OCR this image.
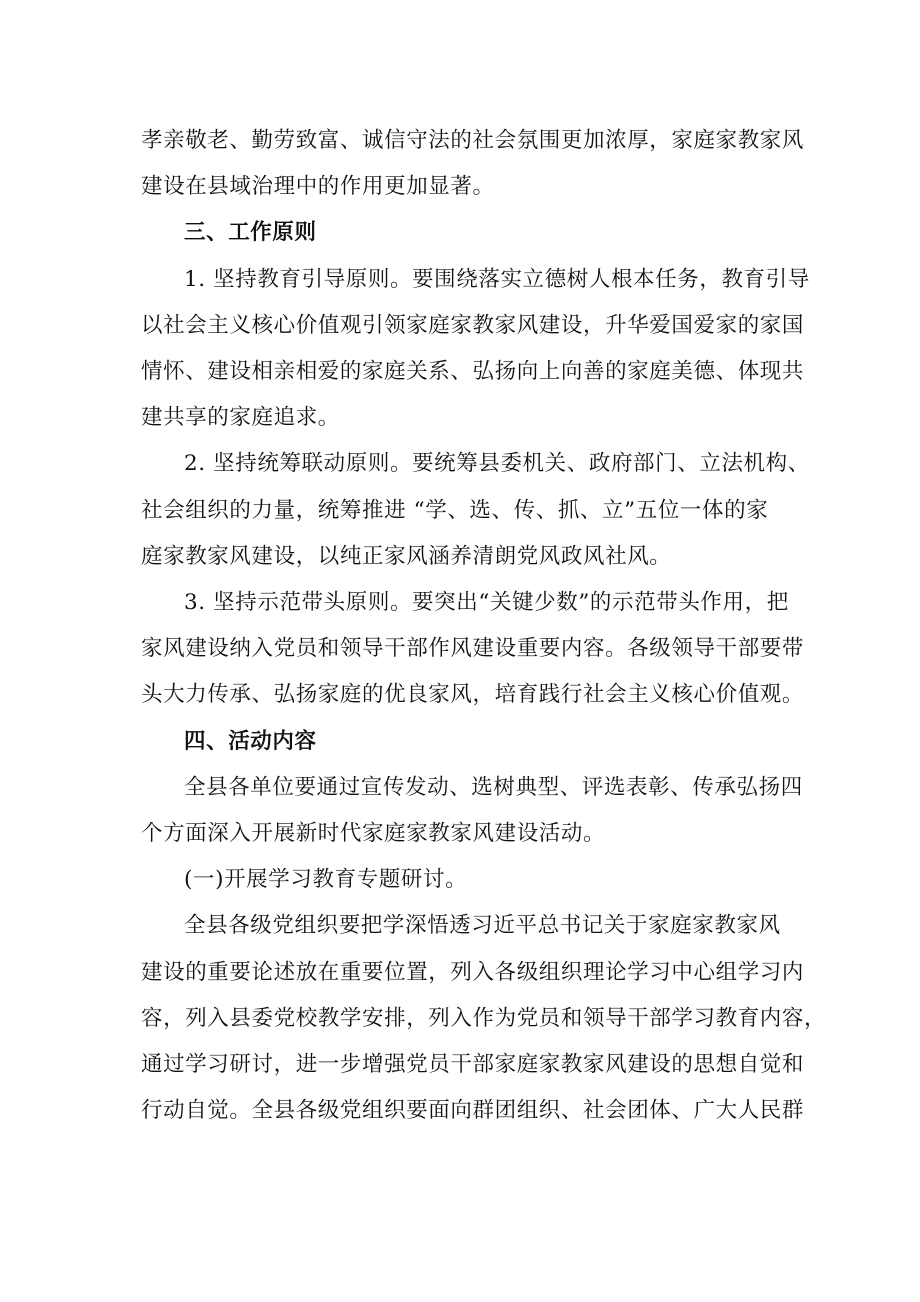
孝亲敬老、勤劳致富、诚信守法的社会氛围更加浓厚，家庭家教家风
建设在县域治理中的作用更加显著。

三、工作原则

1. 坚持教育引导原则。要围绕落实立德树人根本任务，教育引导
以社会主义核心价值观引领家庭家教家风建设，升华爱国爱家的家国
情怀、建设相亲相爱的家庭关系、弘扬向上向善的家庭美德、体现共
建共享的家庭追求。

2. 坚持统筹联动原则。要统筹县委机关、政府部门、立法机构、
社会组织的力量，统筹推进 “学、选、传、抓、立”五位一体的家
庭家教家风建设，以纯正家风涵养清朗党风政风社风。

3. 坚持示范带头原则。要突出“关键少数”的示范带头作用，把
家风建设纳入党员和领导干部作风建设重要内容。各级领导干部要带
头大力传承、弘扬家庭的优良家风，培育践行社会主义核心价值观。

四、活动内容

全县各单位要通过宣传发动、选树典型、评选表彰、传承弘扬四
个方面深入开展新时代家庭家教家风建设活动。

(一)开展学习教育专题研讨。

全县各级党组织要把学深悟透习近平总书记关于家庭家教家风
建设的重要论述放在重要位置，列入各级组织理论学习中心组学习内
容，列入县委党校教学安排，列入作为党员和领导干部学习教育内容，
通过学习研讨，进一步增强党员干部家庭家教家风建设的思想自觉和
行动自觉。全县各级党组织要面向群团组织、社会团体、广大人民群
